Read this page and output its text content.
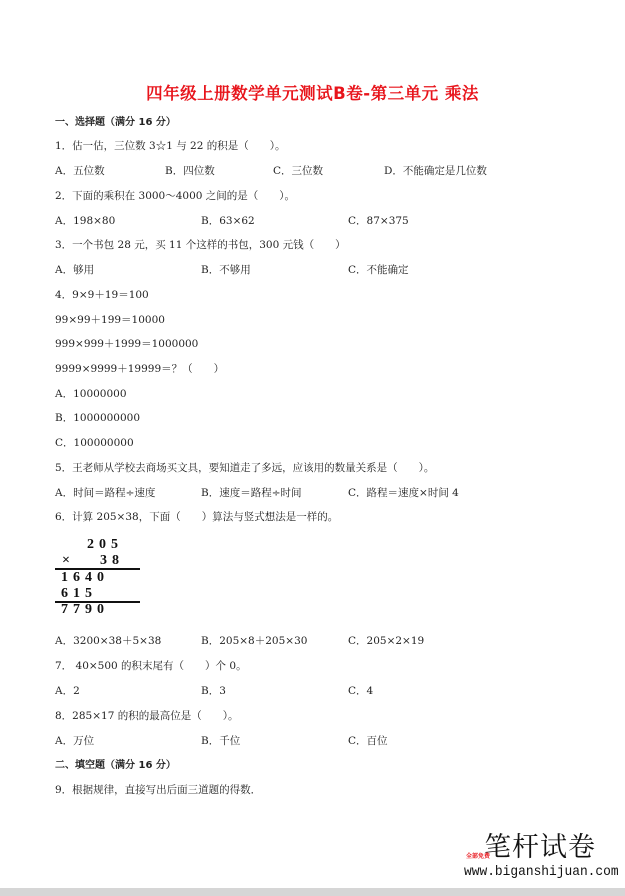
四年级上册数学单元测试B卷-第三单元 乘法
一、选择题（满分 16 分）
1．估一估，三位数 3☆1 与 22 的积是（　　）。
A．五位数	B．四位数	C．三位数	D．不能确定是几位数
2．下面的乘积在 3000～4000 之间的是（　　）。
A．198×80	B．63×62	C．87×375
3．一个书包 28 元，买 11 个这样的书包，300 元钱（　　）
A．够用	B．不够用	C．不能确定
4．9×9＋19＝100
99×99＋199＝10000
999×999＋1999＝1000000
9999×9999＋19999＝？（　　）
A．10000000
B．1000000000
C．100000000
5．王老师从学校去商场买文具，要知道走了多远，应该用的数量关系是（　　）。
A．时间＝路程÷速度	B．速度＝路程÷时间	C．路程＝速度×时间 4
6．计算 205×38，下面（　　）算法与竖式想法是一样的。
205
× 38
1640
615
7790
A．3200×38＋5×38	B．205×8＋205×30	C．205×2×19
7． 40×500 的积末尾有（　　）个 0。
A．2	B．3	C．4
8．285×17 的积的最高位是（　　）。
A．万位	B．千位	C．百位
二、填空题（满分 16 分）
9．根据规律，直接写出后面三道题的得数．
笔杆试卷
全部免费
www.biganshijuan.com
